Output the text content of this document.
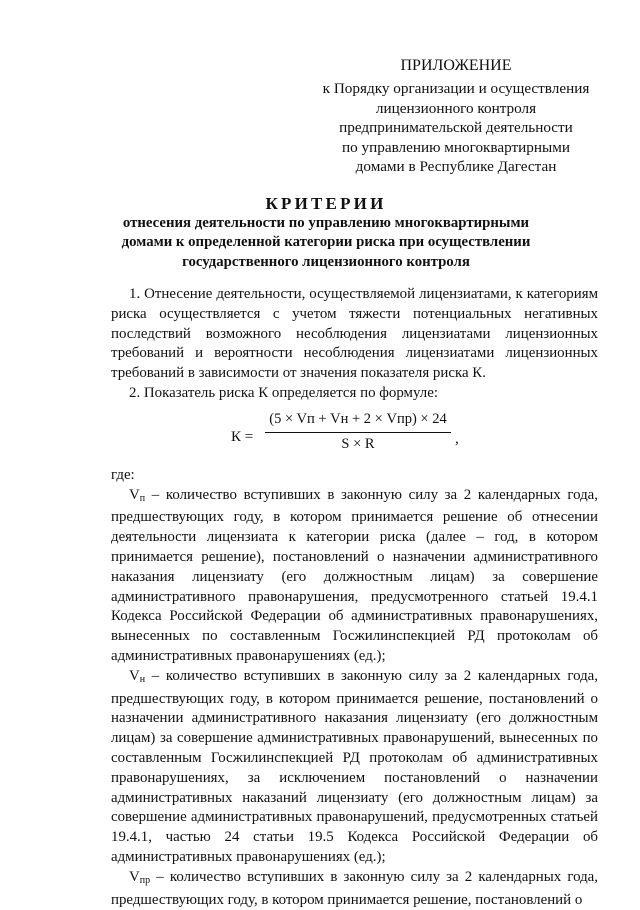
ПРИЛОЖЕНИЕ
к Порядку организации и осуществления
лицензионного контроля
предпринимательской деятельности
по управлению многоквартирными
домами в Республике Дагестан
КРИТЕРИИ
отнесения деятельности по управлению многоквартирными
домами к определенной категории риска при осуществлении
государственного лицензионного контроля

1. Отнесение деятельности, осуществляемой лицензиатами, к категориям риска осуществляется с учетом тяжести потенциальных негативных последствий возможного несоблюдения лицензиатами лицензионных требований и вероятности несоблюдения лицензиатами лицензионных требований в зависимости от значения показателя риска К.

2. Показатель риска К определяется по формуле:

К =
(5 × Vп + Vн + 2 × Vпр) × 24
S × R	,

где:

$V_п$ – количество вступивших в законную силу за 2 календарных года, предшествующих году, в котором принимается решение об отнесении деятельности лицензиата к категории риска (далее – год, в котором принимается решение), постановлений о назначении административного наказания лицензиату (его должностным лицам) за совершение административного правонарушения, предусмотренного статьей 19.4.1 Кодекса Российской Федерации об административных правонарушениях, вынесенных по составленным Госжилинспекцией РД протоколам об административных правонарушениях (ед.);

$V_н$ – количество вступивших в законную силу за 2 календарных года, предшествующих году, в котором принимается решение, постановлений о назначении административного наказания лицензиату (его должностным лицам) за совершение административных правонарушений, вынесенных по составленным Госжилинспекцией РД протоколам об административных правонарушениях, за исключением постановлений о назначении административных наказаний лицензиату (его должностным лицам) за совершение административных правонарушений, предусмотренных статьей 19.4.1, частью 24 статьи 19.5 Кодекса Российской Федерации об административных правонарушениях (ед.);

$V_{пр}$ – количество вступивших в законную силу за 2 календарных года, предшествующих году, в котором принимается решение, постановлений о
